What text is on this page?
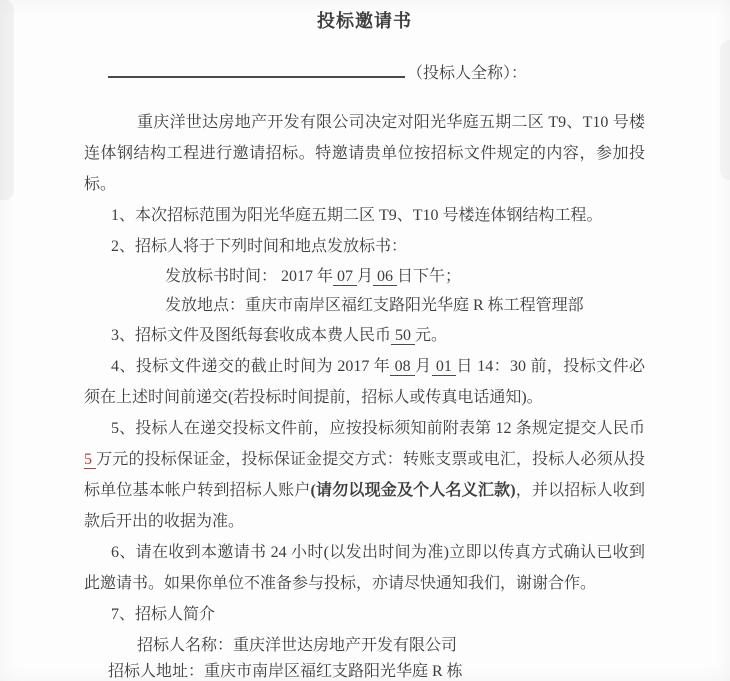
投标邀请书
（投标人全称）：
重庆洋世达房地产开发有限公司决定对阳光华庭五期二区 T9、T10 号楼连体钢结构工程进行邀请招标。特邀请贵单位按招标文件规定的内容，参加投标。
1、本次招标范围为阳光华庭五期二区 T9、T10 号楼连体钢结构工程。
2、招标人将于下列时间和地点发放标书：
发放标书时间： 2017 年 07 月 06 日下午；
发放地点：重庆市南岸区福红支路阳光华庭 R 栋工程管理部
3、招标文件及图纸每套收成本费人民币 50 元。
4、投标文件递交的截止时间为 2017 年 08 月 01 日 14：30 前，投标文件必须在上述时间前递交(若投标时间提前，招标人或传真电话通知)。
5、投标人在递交投标文件前，应按投标须知前附表第 12 条规定提交人民币5 万元的投标保证金，投标保证金提交方式：转账支票或电汇，投标人必须从投标单位基本帐户转到招标人账户(请勿以现金及个人名义汇款)，并以招标人收到款后开出的收据为准。
6、请在收到本邀请书 24 小时(以发出时间为准)立即以传真方式确认已收到此邀请书。如果你单位不准备参与投标，亦请尽快通知我们，谢谢合作。
7、招标人简介
招标人名称：重庆洋世达房地产开发有限公司
招标人地址：重庆市南岸区福红支路阳光华庭 R 栋
